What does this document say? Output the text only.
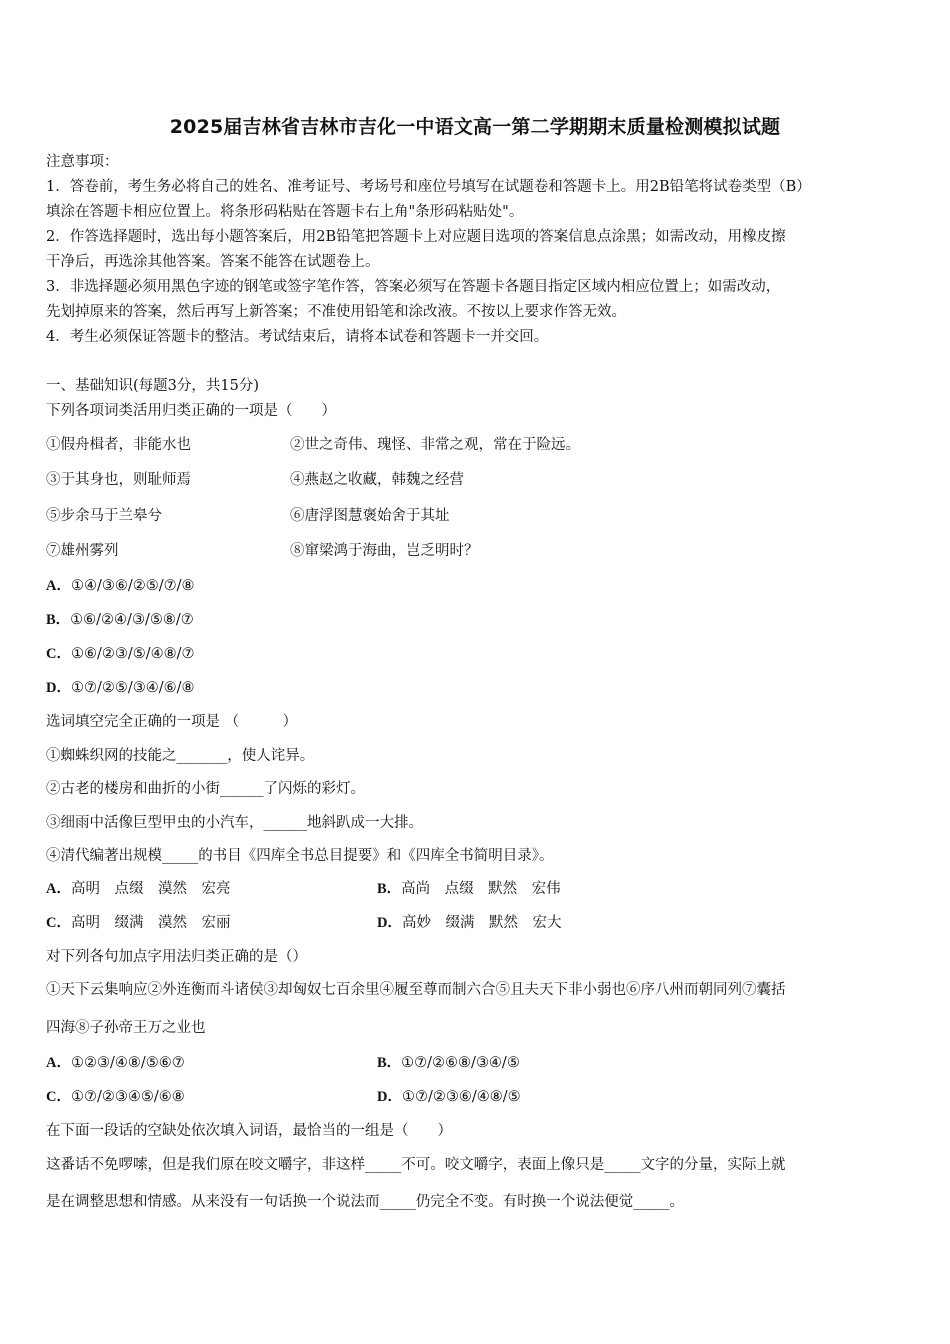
2025届吉林省吉林市吉化一中语文高一第二学期期末质量检测模拟试题
注意事项：
1．答卷前，考生务必将自己的姓名、准考证号、考场号和座位号填写在试题卷和答题卡上。用2B铅笔将试卷类型（B）
填涂在答题卡相应位置上。将条形码粘贴在答题卡右上角"条形码粘贴处"。
2．作答选择题时，选出每小题答案后，用2B铅笔把答题卡上对应题目选项的答案信息点涂黑；如需改动，用橡皮擦
干净后，再选涂其他答案。答案不能答在试题卷上。
3．非选择题必须用黑色字迹的钢笔或签字笔作答，答案必须写在答题卡各题目指定区域内相应位置上；如需改动，
先划掉原来的答案，然后再写上新答案；不准使用铅笔和涂改液。不按以上要求作答无效。
4．考生必须保证答题卡的整洁。考试结束后，请将本试卷和答题卡一并交回。
一、基础知识(每题3分，共15分)
下列各项词类活用归类正确的一项是（　　）
①假舟楫者，非能水也	②世之奇伟、瑰怪、非常之观，常在于险远。
③于其身也，则耻师焉	④燕赵之收藏，韩魏之经营
⑤步余马于兰皋兮	⑥唐浮图慧褒始舍于其址
⑦雄州雾列	⑧窜梁鸿于海曲，岂乏明时？
A．①④/③⑥/②⑤/⑦/⑧
B．①⑥/②④/③/⑤⑧/⑦
C．①⑥/②③/⑤/④⑧/⑦
D．①⑦/②⑤/③④/⑥/⑧
选词填空完全正确的一项是 （　　　）
①蜘蛛织网的技能之_______，使人诧异。
②古老的楼房和曲折的小街______了闪烁的彩灯。
③细雨中活像巨型甲虫的小汽车，______地斜趴成一大排。
④清代编著出规模_____的书目《四库全书总目提要》和《四库全书简明目录》。
A．高明　点缀　漠然　宏亮	B．高尚　点缀　默然　宏伟
C．高明　缀满　漠然　宏丽	D．高妙　缀满　默然　宏大
对下列各句加点字用法归类正确的是（）
①天下云集响应②外连衡而斗诸侯③却匈奴七百余里④履至尊而制六合⑤且夫天下非小弱也⑥序八州而朝同列⑦囊括
四海⑧子孙帝王万之业也
A．①②③/④⑧/⑤⑥⑦	B．①⑦/②⑥⑧/③④/⑤
C．①⑦/②③④⑤/⑥⑧	D．①⑦/②③⑥/④⑧/⑤
在下面一段话的空缺处依次填入词语，最恰当的一组是（　　）
这番话不免啰嗦，但是我们原在咬文嚼字，非这样_____不可。咬文嚼字，表面上像只是_____文字的分量，实际上就
是在调整思想和情感。从来没有一句话换一个说法而_____仍完全不变。有时换一个说法便觉_____。
